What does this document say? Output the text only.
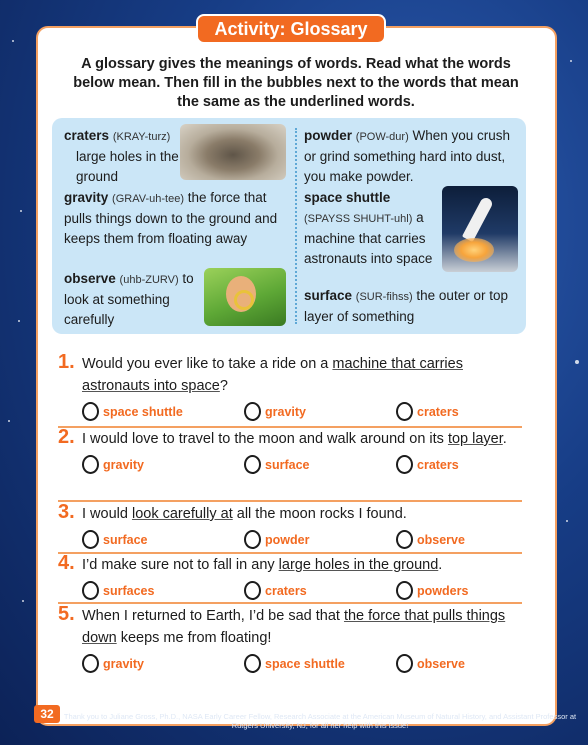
Activity: Glossary
A glossary gives the meanings of words. Read what the words below mean. Then fill in the bubbles next to the words that mean the same as the underlined words.
craters (KRAY-turz)
large holes in the ground
gravity (GRAV-uh-tee) the force that pulls things down to the ground and keeps them from floating away
observe (uhb-ZURV) to look at something carefully
powder (POW-dur) When you crush or grind something hard into dust, you make powder.
space shuttle
(SPAYSS SHUHT-uhl) a machine that carries astronauts into space
surface (SUR-fihss) the outer or top layer of something
1. Would you ever like to take a ride on a machine that carries astronauts into space?
space shuttle	gravity	craters
2. I would love to travel to the moon and walk around on its top layer.
gravity	surface	craters
3. I would look carefully at all the moon rocks I found.
surface	powder	observe
4. I’d make sure not to fall in any large holes in the ground.
surfaces	craters	powders
5. When I returned to Earth, I’d be sad that the force that pulls things down keeps me from floating!
gravity	space shuttle	observe
32	Thank you to Juliane Gross, Ph.D., NASA Early Career Fellow, Research Associate at the American Museum of Natural History, and Assistant Professor at Rutgers University, NJ, for all her help with this issue!
